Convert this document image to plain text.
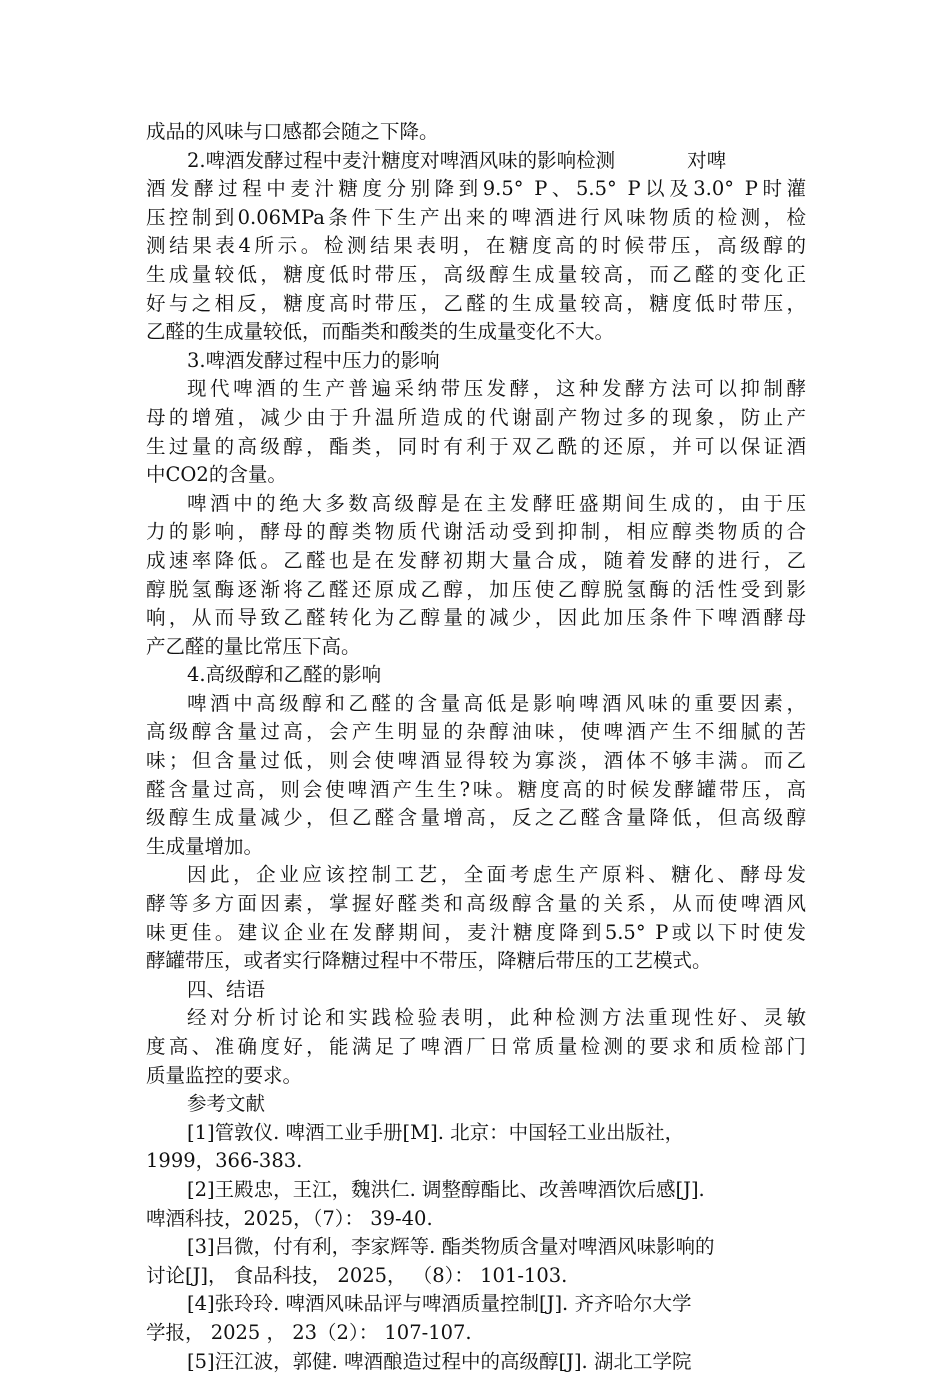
成品的风味与口感都会随之下降。
2.啤酒发酵过程中麦汁糖度对啤酒风味的影响检测	对啤
酒发酵过程中麦汁糖度分别降到9.5° P、5.5° P以及3.0° P时灌
压控制到0.06MPa条件下生产出来的啤酒进行风味物质的检测，检
测结果表4所示。检测结果表明，在糖度高的时候带压，高级醇的
生成量较低，糖度低时带压，高级醇生成量较高，而乙醛的变化正
好与之相反，糖度高时带压，乙醛的生成量较高，糖度低时带压，
乙醛的生成量较低，而酯类和酸类的生成量变化不大。
3.啤酒发酵过程中压力的影响
现代啤酒的生产普遍采纳带压发酵，这种发酵方法可以抑制酵
母的增殖，减少由于升温所造成的代谢副产物过多的现象，防止产
生过量的高级醇，酯类，同时有利于双乙酰的还原，并可以保证酒
中CO2的含量。
啤酒中的绝大多数高级醇是在主发酵旺盛期间生成的，由于压
力的影响，酵母的醇类物质代谢活动受到抑制，相应醇类物质的合
成速率降低。乙醛也是在发酵初期大量合成，随着发酵的进行，乙
醇脱氢酶逐渐将乙醛还原成乙醇，加压使乙醇脱氢酶的活性受到影
响，从而导致乙醛转化为乙醇量的减少，因此加压条件下啤酒酵母
产乙醛的量比常压下高。
4.高级醇和乙醛的影响
啤酒中高级醇和乙醛的含量高低是影响啤酒风味的重要因素，
高级醇含量过高，会产生明显的杂醇油味，使啤酒产生不细腻的苦
味；但含量过低，则会使啤酒显得较为寡淡，酒体不够丰满。而乙
醛含量过高，则会使啤酒产生生?味。糖度高的时候发酵罐带压，高
级醇生成量减少，但乙醛含量增高，反之乙醛含量降低，但高级醇
生成量增加。
因此，企业应该控制工艺，全面考虑生产原料、糖化、酵母发
酵等多方面因素，掌握好醛类和高级醇含量的关系，从而使啤酒风
味更佳。建议企业在发酵期间，麦汁糖度降到5.5° P或以下时使发
酵罐带压，或者实行降糖过程中不带压，降糖后带压的工艺模式。
四、结语
经对分析讨论和实践检验表明，此种检测方法重现性好、灵敏
度高、准确度好，能满足了啤酒厂日常质量检测的要求和质检部门
质量监控的要求。
参考文献
[1]管敦仪. 啤酒工业手册[M]. 北京：中国轻工业出版社，
1999，366-383.
[2]王殿忠，王江，魏洪仁. 调整醇酯比、改善啤酒饮后感[J].
啤酒科技，2025，（7）： 39-40.
[3]吕微，付有利，李家辉等. 酯类物质含量对啤酒风味影响的
讨论[J]， 食品科技， 2025， （8）： 101-103.
[4]张玲玲. 啤酒风味品评与啤酒质量控制[J]. 齐齐哈尔大学
学报， 2025 ， 23（2）： 107-107.
[5]汪江波，郭健. 啤酒酿造过程中的高级醇[J]. 湖北工学院
